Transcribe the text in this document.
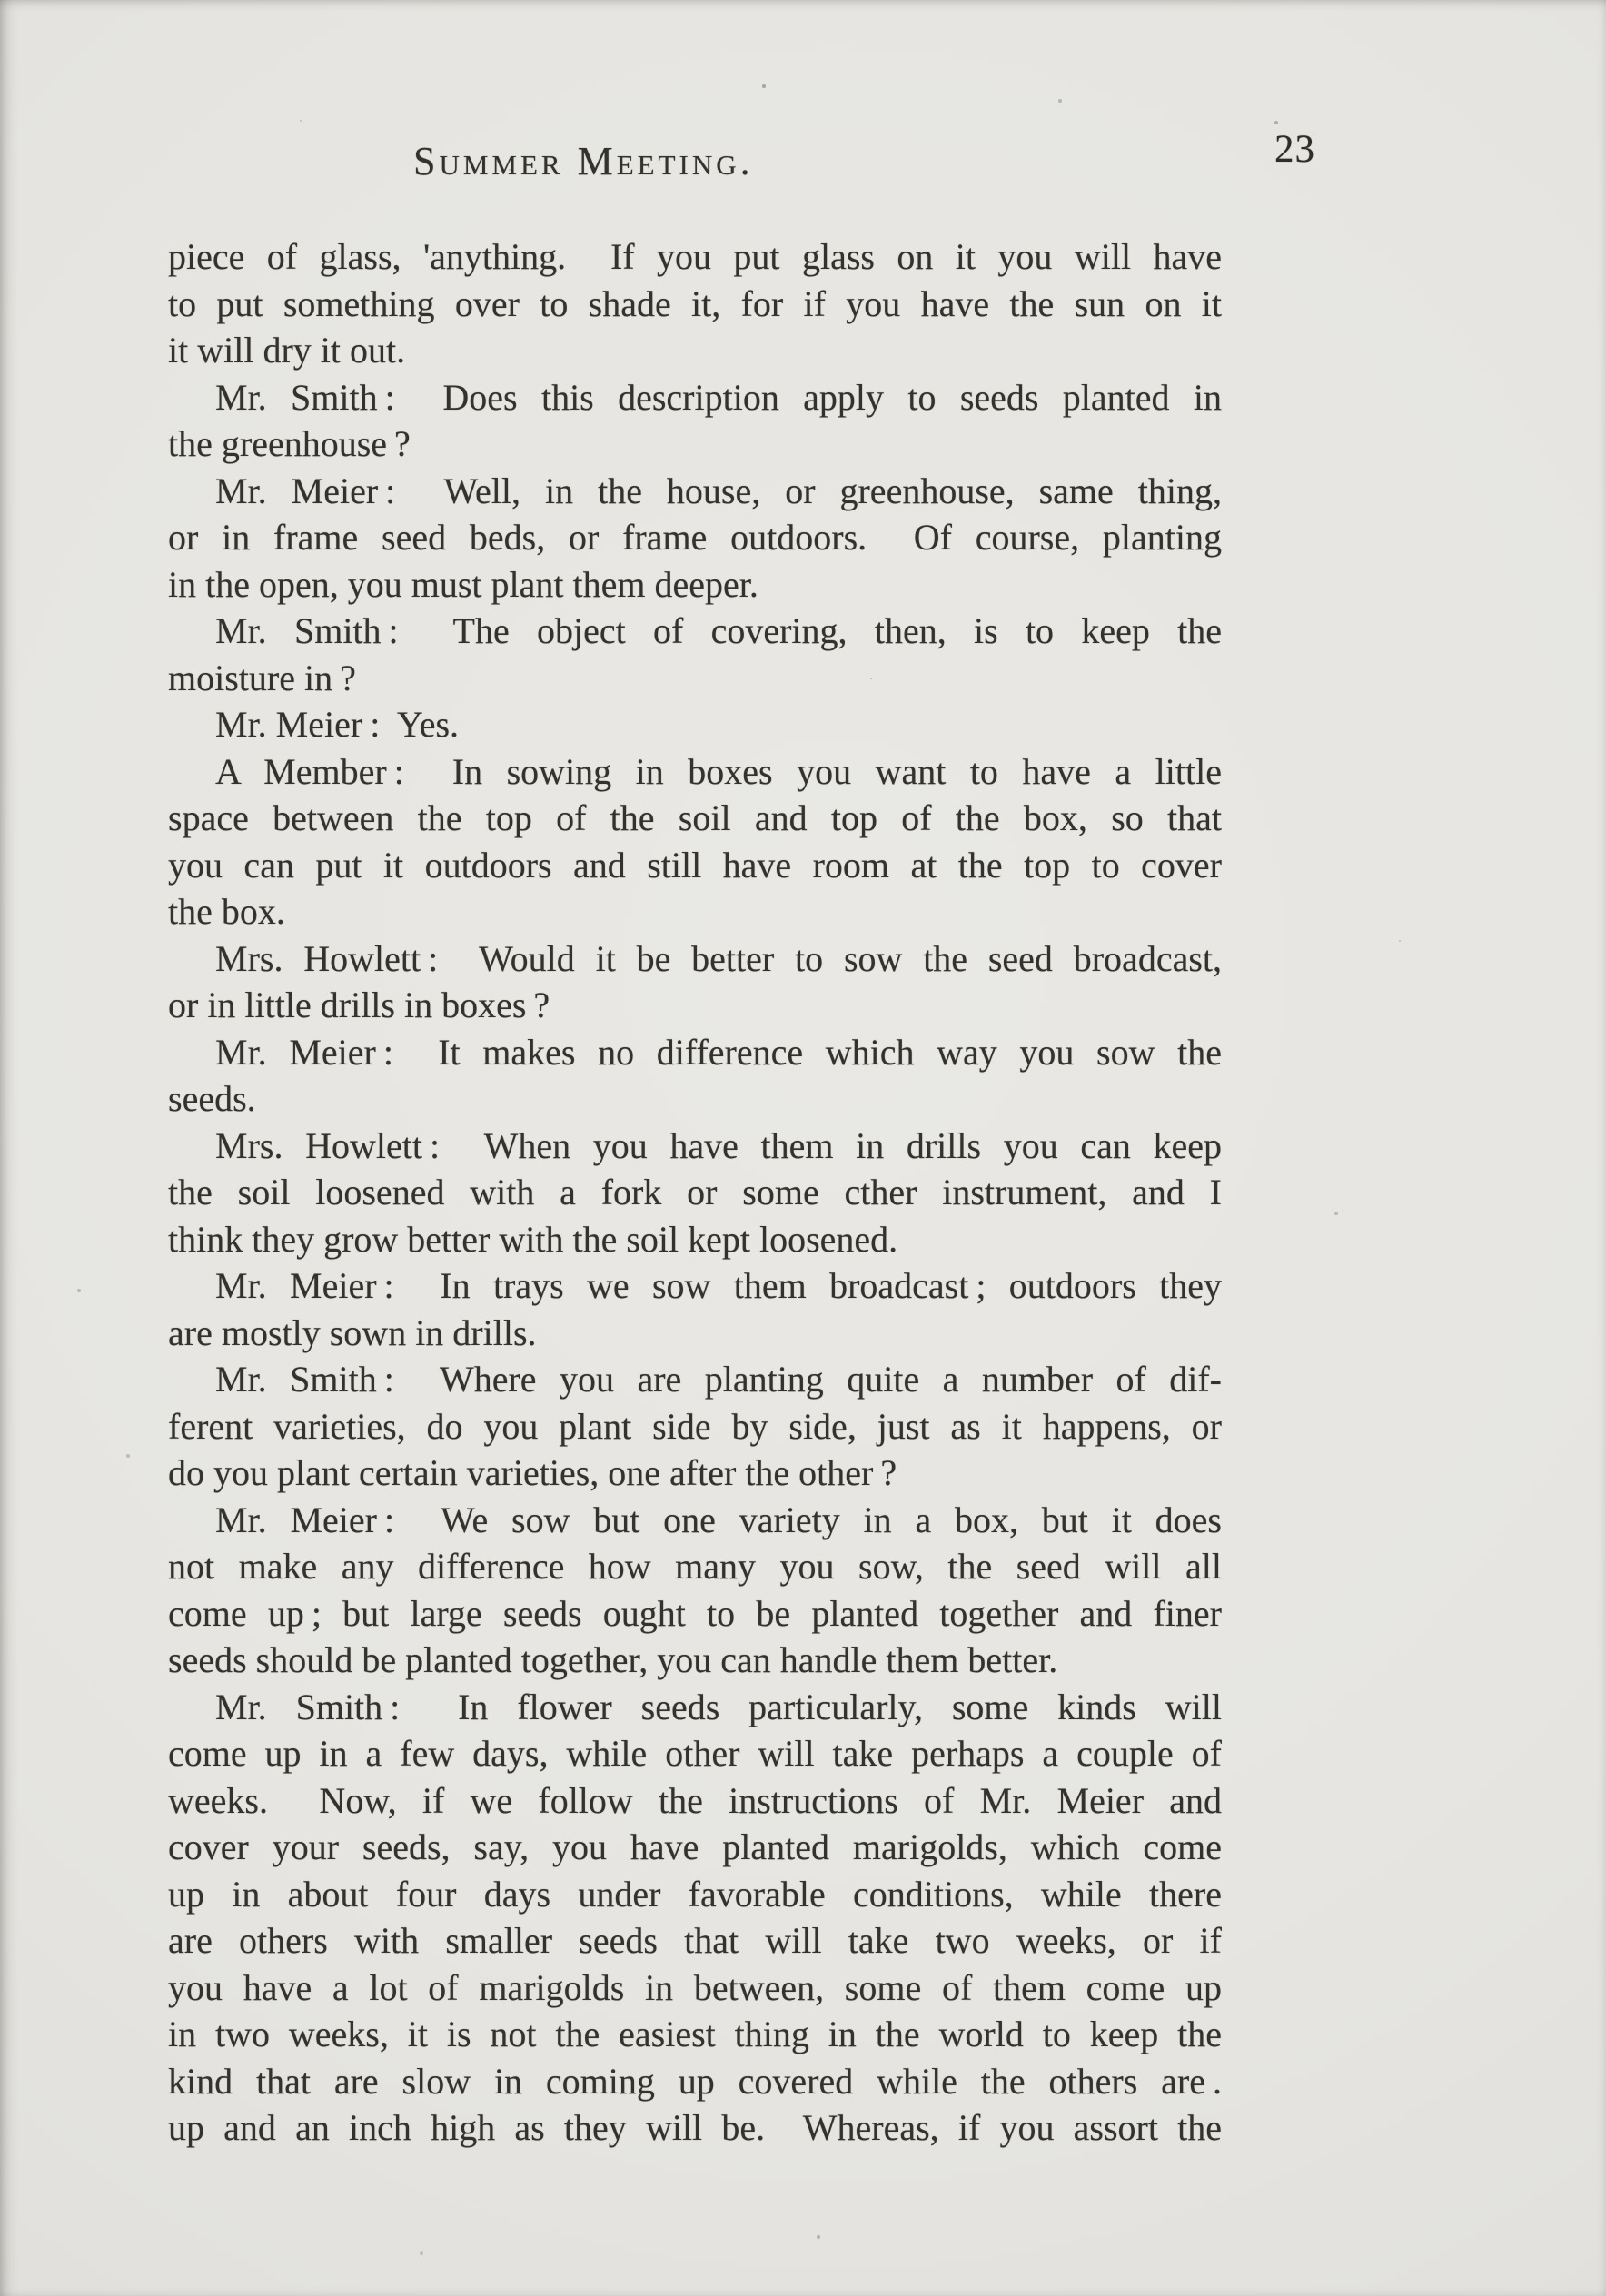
Summer Meeting.	23
piece of glass, 'anything.  If you put glass on it you will have
to put something over to shade it, for if you have the sun on it
it will dry it out.
Mr. Smith :  Does this description apply to seeds planted in
the greenhouse ?
Mr. Meier :  Well, in the house, or greenhouse, same thing,
or in frame seed beds, or frame outdoors.  Of course, planting
in the open, you must plant them deeper.
Mr. Smith :  The object of covering, then, is to keep the
moisture in ?
Mr. Meier :  Yes.
A Member :  In sowing in boxes you want to have a little
space between the top of the soil and top of the box, so that
you can put it outdoors and still have room at the top to cover
the box.
Mrs. Howlett :  Would it be better to sow the seed broadcast,
or in little drills in boxes ?
Mr. Meier :  It makes no difference which way you sow the
seeds.
Mrs. Howlett :  When you have them in drills you can keep
the soil loosened with a fork or some cther instrument, and I
think they grow better with the soil kept loosened.
Mr. Meier :  In trays we sow them broadcast ; outdoors they
are mostly sown in drills.
Mr. Smith :  Where you are planting quite a number of dif-
ferent varieties, do you plant side by side, just as it happens, or
do you plant certain varieties, one after the other ?
Mr. Meier :  We sow but one variety in a box, but it does
not make any difference how many you sow, the seed will all
come up ; but large seeds ought to be planted together and finer
seeds should be planted together, you can handle them better.
Mr. Smith :  In flower seeds particularly, some kinds will
come up in a few days, while other will take perhaps a couple of
weeks.  Now, if we follow the instructions of Mr. Meier and
cover your seeds, say, you have planted marigolds, which come
up in about four days under favorable conditions, while there
are others with smaller seeds that will take two weeks, or if
you have a lot of marigolds in between, some of them come up
in two weeks, it is not the easiest thing in the world to keep the
kind that are slow in coming up covered while the others are .
up and an inch high as they will be.  Whereas, if you assort the
